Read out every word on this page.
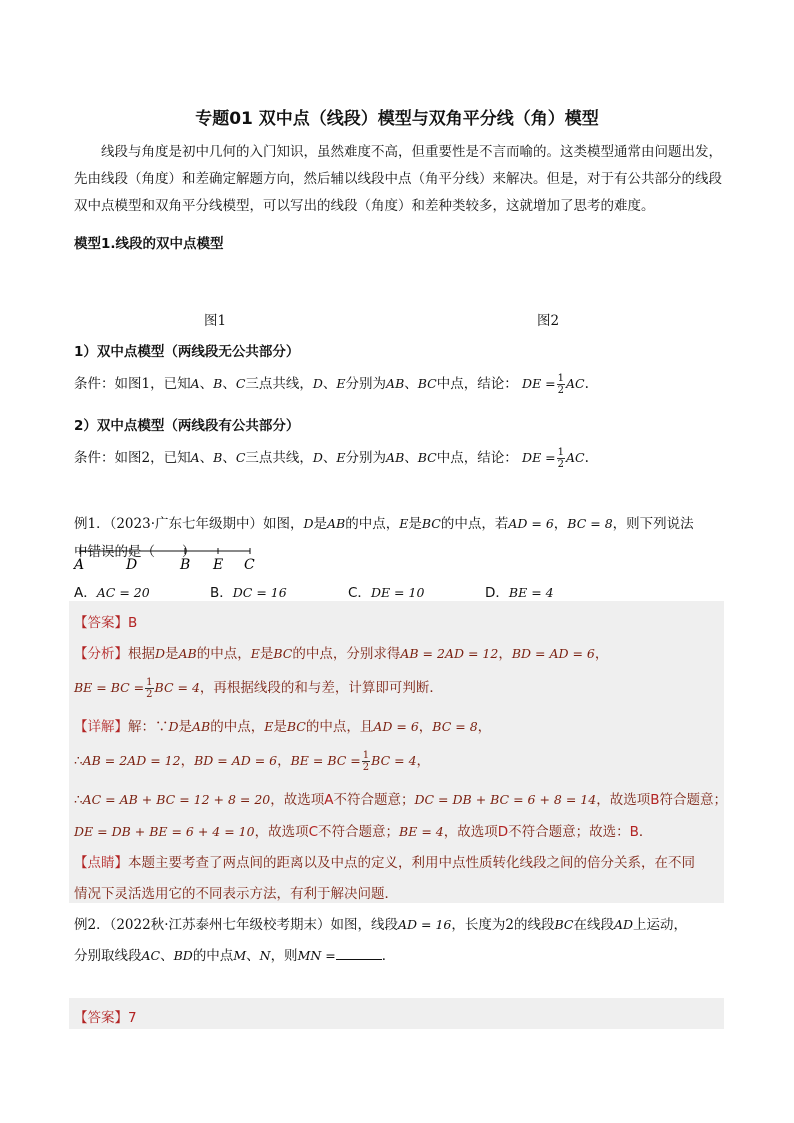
专题01 双中点（线段）模型与双角平分线（角）模型
线段与角度是初中几何的入门知识，虽然难度不高，但重要性是不言而喻的。这类模型通常由问题出发，先由线段（角度）和差确定解题方向，然后辅以线段中点（角平分线）来解决。但是，对于有公共部分的线段双中点模型和双角平分线模型，可以写出的线段（角度）和差种类较多，这就增加了思考的难度。
模型1.线段的双中点模型
图1	图2
1）双中点模型（两线段无公共部分）
条件：如图1，已知A、B、C三点共线，D、E分别为AB、BC中点，结论： DE = $\frac{1}{2}$ AC.
2）双中点模型（两线段有公共部分）
条件：如图2，已知A、B、C三点共线，D、E分别为AB、BC中点，结论： DE = $\frac{1}{2}$ AC.
例1．（2023·广东七年级期中）如图，D是AB的中点，E是BC的中点，若AD = 6，BC = 8，则下列说法
中错误的是（　　）
A	D	B E C
A．AC = 20	B．DC = 16	C．DE = 10	D．BE = 4
【答案】B
【分析】根据D是AB的中点，E是BC的中点，分别求得AB = 2AD = 12，BD = AD = 6，
BE = BC = $\frac{1}{2}$ BC = 4，再根据线段的和与差，计算即可判断．
【详解】解：∵D是AB的中点，E是BC的中点，且AD = 6，BC = 8，
∴AB = 2AD = 12，BD = AD = 6，BE = BC = $\frac{1}{2}$ BC = 4，
∴AC = AB + BC = 12 + 8 = 20，故选项A不符合题意；DC = DB + BC = 6 + 8 = 14，故选项B符合题意；
DE = DB + BE = 6 + 4 = 10，故选项C不符合题意；BE = 4，故选项D不符合题意；故选：B．
【点睛】本题主要考查了两点间的距离以及中点的定义，利用中点性质转化线段之间的倍分关系，在不同
情况下灵活选用它的不同表示方法，有利于解决问题．
例2．（2022秋·江苏泰州七年级校考期末）如图，线段AD = 16，长度为2的线段BC在线段AD上运动，
分别取线段AC、BD的中点M、N，则MN =	．
【答案】7
